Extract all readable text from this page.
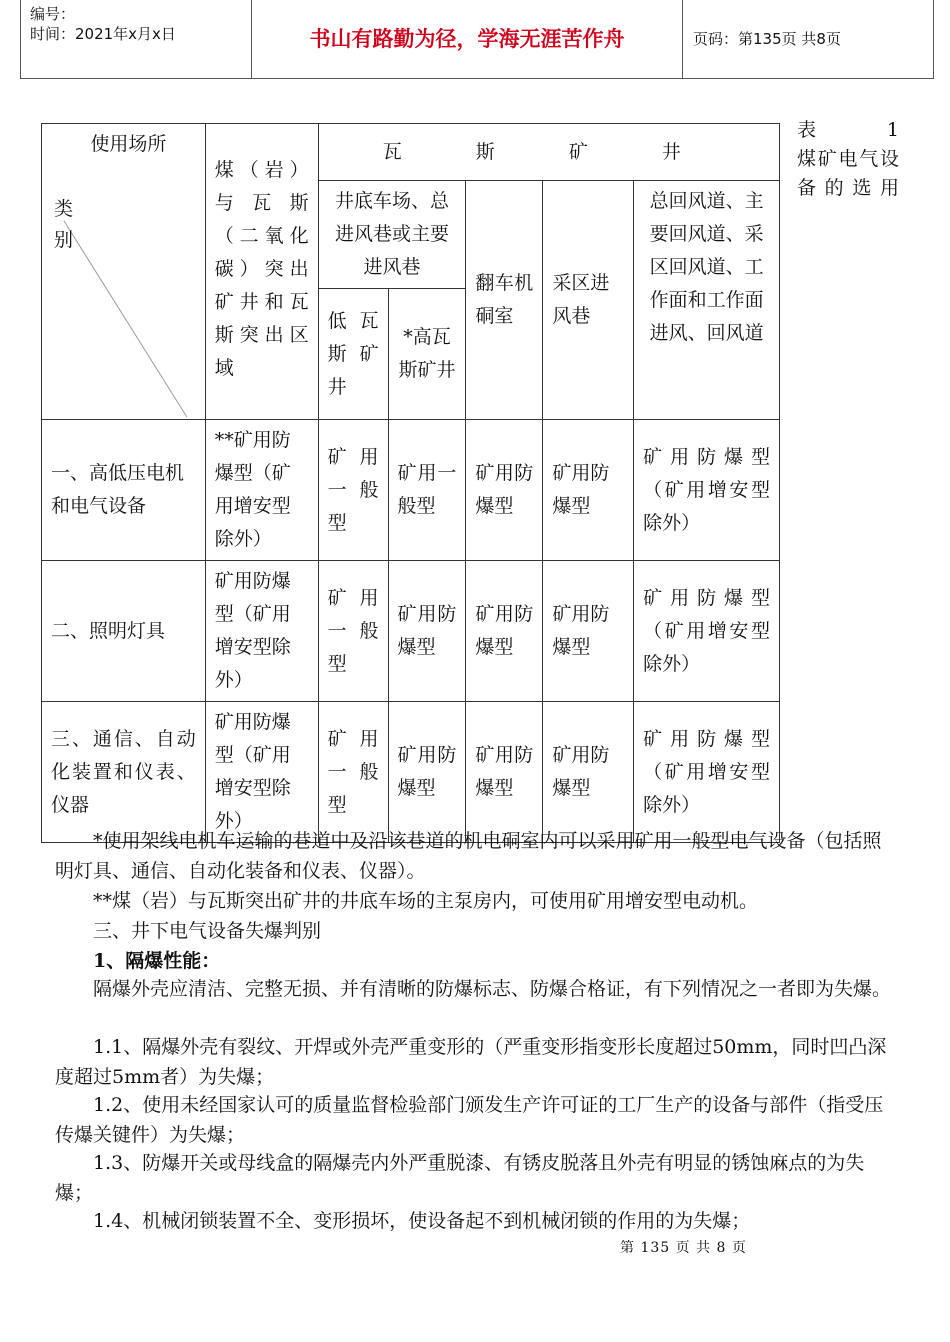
编号：
时间：2021年x月x日	书山有路勤为径，学海无涯苦作舟	页码：第135页 共8页
使用场所
类别	煤（岩）与瓦斯（二氧化碳）突出矿井和瓦斯突出区域	瓦 斯 矿 井				
		井底车场、总进风巷或主要进风巷		翻车机硐室	采区进风巷	总回风道、主要回风道、采区回风道、工作面和工作面进风、回风道
		低瓦斯矿井	*高瓦斯矿井			
一、高低压电机和电气设备	**矿用防爆型（矿用增安型除外）	矿用一般型	矿用一般型	矿用防爆型	矿用防爆型	矿用防爆型（矿用增安型除外）
二、照明灯具	矿用防爆型（矿用增安型除外）	矿用一般型	矿用防爆型	矿用防爆型	矿用防爆型	矿用防爆型（矿用增安型除外）
三、通信、自动化装置和仪表、仪器	矿用防爆型（矿用增安型除外）	矿用一般型	矿用防爆型	矿用防爆型	矿用防爆型	矿用防爆型（矿用增安型除外）
表 1
煤矿电气设备的选用
*使用架线电机车运输的巷道中及沿该巷道的机电硐室内可以采用矿用一般型电气设备（包括照明灯具、通信、自动化装备和仪表、仪器）。
**煤（岩）与瓦斯突出矿井的井底车场的主泵房内，可使用矿用增安型电动机。
三、井下电气设备失爆判别
1、隔爆性能：
隔爆外壳应清洁、完整无损、并有清晰的防爆标志、防爆合格证，有下列情况之一者即为失爆。
1.1、隔爆外壳有裂纹、开焊或外壳严重变形的（严重变形指变形长度超过50mm，同时凹凸深度超过5mm者）为失爆；
1.2、使用未经国家认可的质量监督检验部门颁发生产许可证的工厂生产的设备与部件（指受压传爆关键件）为失爆；
1.3、防爆开关或母线盒的隔爆壳内外严重脱漆、有锈皮脱落且外壳有明显的锈蚀麻点的为失爆；
1.4、机械闭锁装置不全、变形损坏，使设备起不到机械闭锁的作用的为失爆；
第 135 页 共 8 页
